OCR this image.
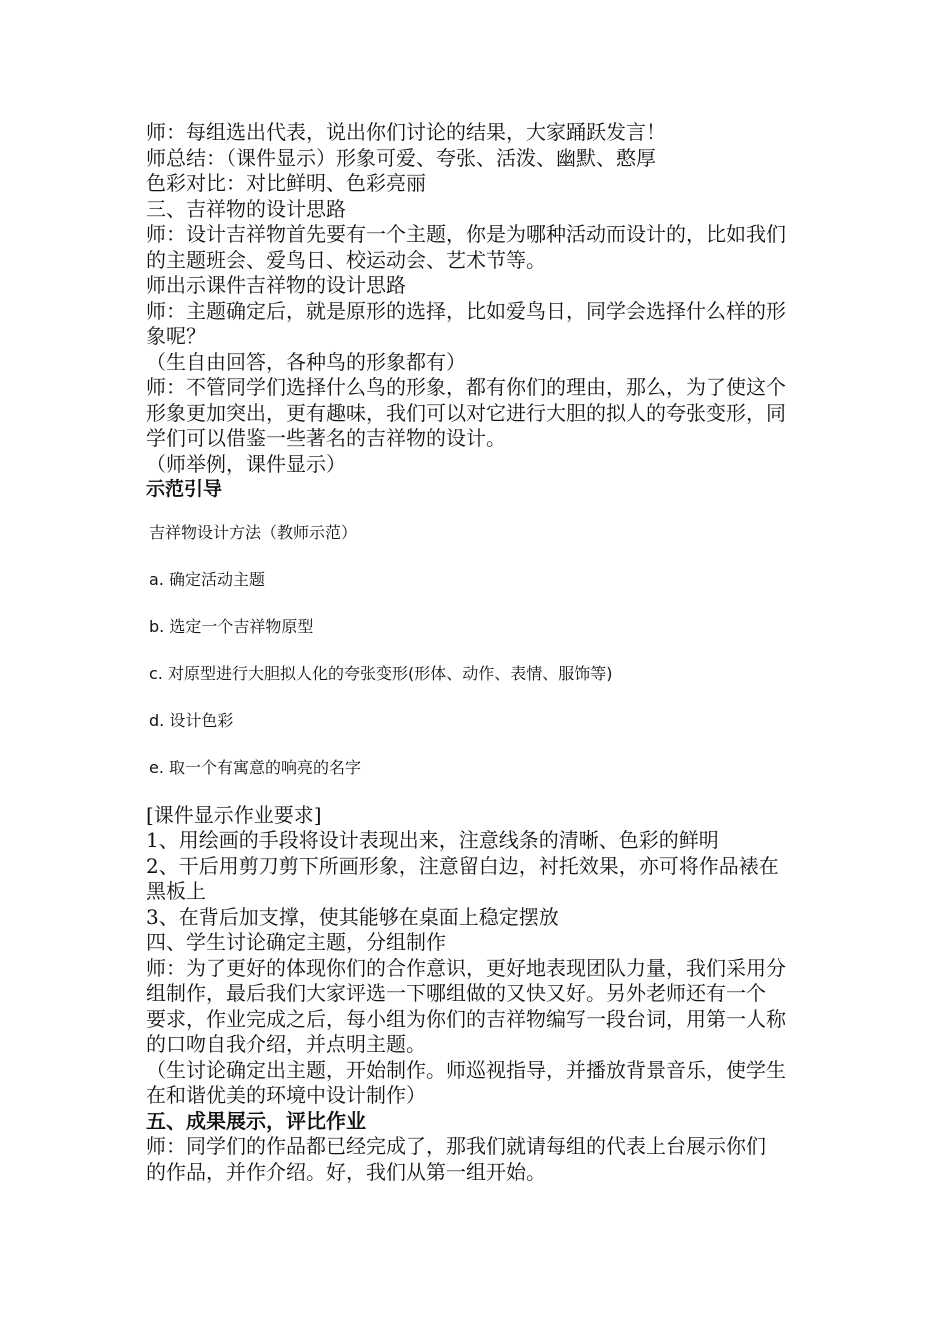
师：每组选出代表，说出你们讨论的结果，大家踊跃发言！

师总结：（课件显示）形象可爱、夸张、活泼、幽默、憨厚

色彩对比：对比鲜明、色彩亮丽

三、吉祥物的设计思路

师：设计吉祥物首先要有一个主题，你是为哪种活动而设计的，比如我们

的主题班会、爱鸟日、校运动会、艺术节等。

师出示课件吉祥物的设计思路

师：主题确定后，就是原形的选择，比如爱鸟日，同学会选择什么样的形

象呢？

（生自由回答，各种鸟的形象都有）

师：不管同学们选择什么鸟的形象，都有你们的理由，那么，为了使这个

形象更加突出，更有趣味，我们可以对它进行大胆的拟人的夸张变形，同

学们可以借鉴一些著名的吉祥物的设计。

（师举例，课件显示）

示范引导

吉祥物设计方法（教师示范）

a. 确定活动主题

b. 选定一个吉祥物原型

c. 对原型进行大胆拟人化的夸张变形(形体、动作、表情、服饰等)

d. 设计色彩

e. 取一个有寓意的响亮的名字

[课件显示作业要求]

1、用绘画的手段将设计表现出来，注意线条的清晰、色彩的鲜明

2、干后用剪刀剪下所画形象，注意留白边，衬托效果，亦可将作品裱在

黑板上

3、在背后加支撑，使其能够在桌面上稳定摆放

四、学生讨论确定主题，分组制作

师：为了更好的体现你们的合作意识，更好地表现团队力量，我们采用分

组制作，最后我们大家评选一下哪组做的又快又好。另外老师还有一个

要求，作业完成之后，每小组为你们的吉祥物编写一段台词，用第一人称

的口吻自我介绍，并点明主题。

（生讨论确定出主题，开始制作。师巡视指导，并播放背景音乐，使学生

在和谐优美的环境中设计制作）

五、成果展示，评比作业

师：同学们的作品都已经完成了，那我们就请每组的代表上台展示你们

的作品，并作介绍。好，我们从第一组开始。
